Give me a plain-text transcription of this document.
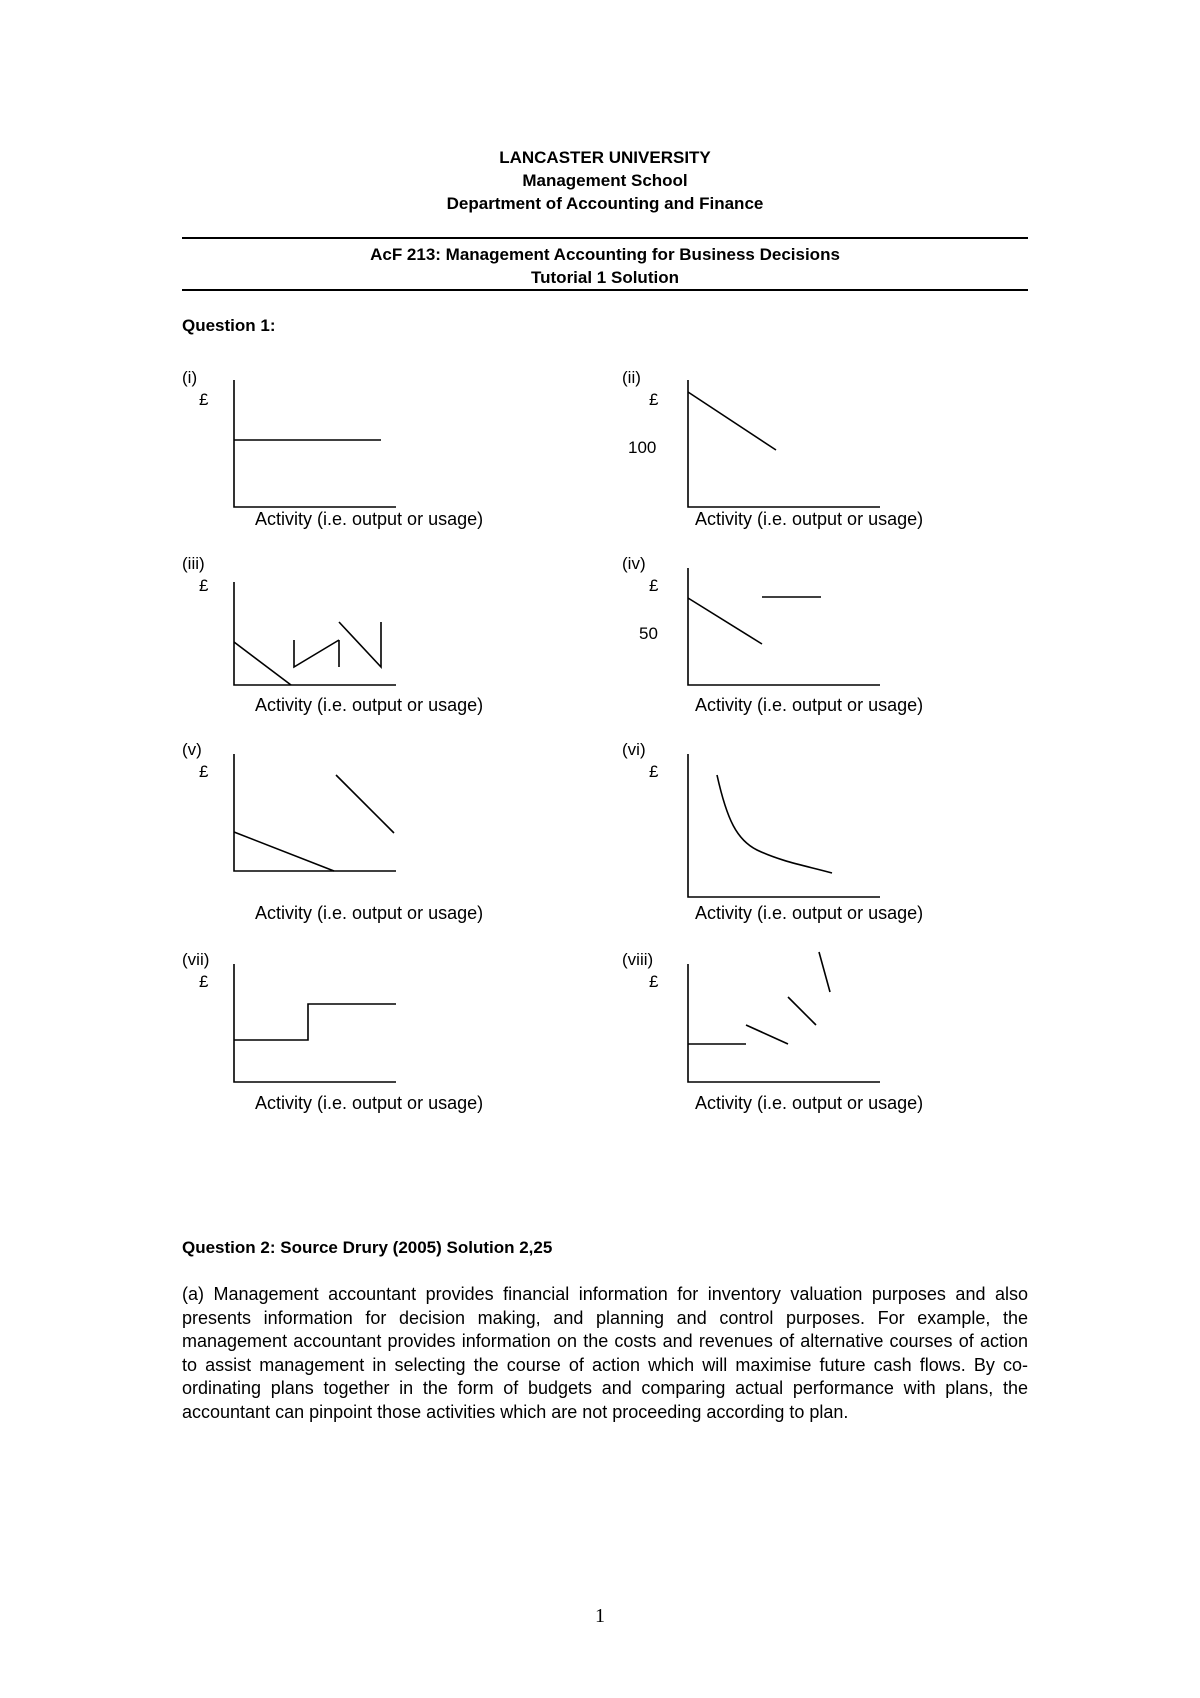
LANCASTER UNIVERSITY
Management School
Department of Accounting and Finance
AcF 213: Management Accounting for Business Decisions
Tutorial 1 Solution
Question 1:
(i)
£
Activity (i.e. output or usage)
(ii)
£
100
Activity (i.e. output or usage)
(iii)
£
Activity (i.e. output or usage)
(iv)
£
50
Activity (i.e. output or usage)
(v)
£
Activity (i.e. output or usage)
(vi)
£
Activity (i.e. output or usage)
(vii)
£
Activity (i.e. output or usage)
(viii)
£
Activity (i.e. output or usage)
Question 2: Source Drury (2005) Solution 2,25
(a) Management accountant provides financial information for inventory valuation purposes and also presents information for decision making, and planning and control purposes. For example, the management accountant provides information on the costs and revenues of alternative courses of action to assist management in selecting the course of action which will maximise future cash flows. By co-ordinating plans together in the form of budgets and comparing actual performance with plans, the accountant can pinpoint those activities which are not proceeding according to plan.
1
